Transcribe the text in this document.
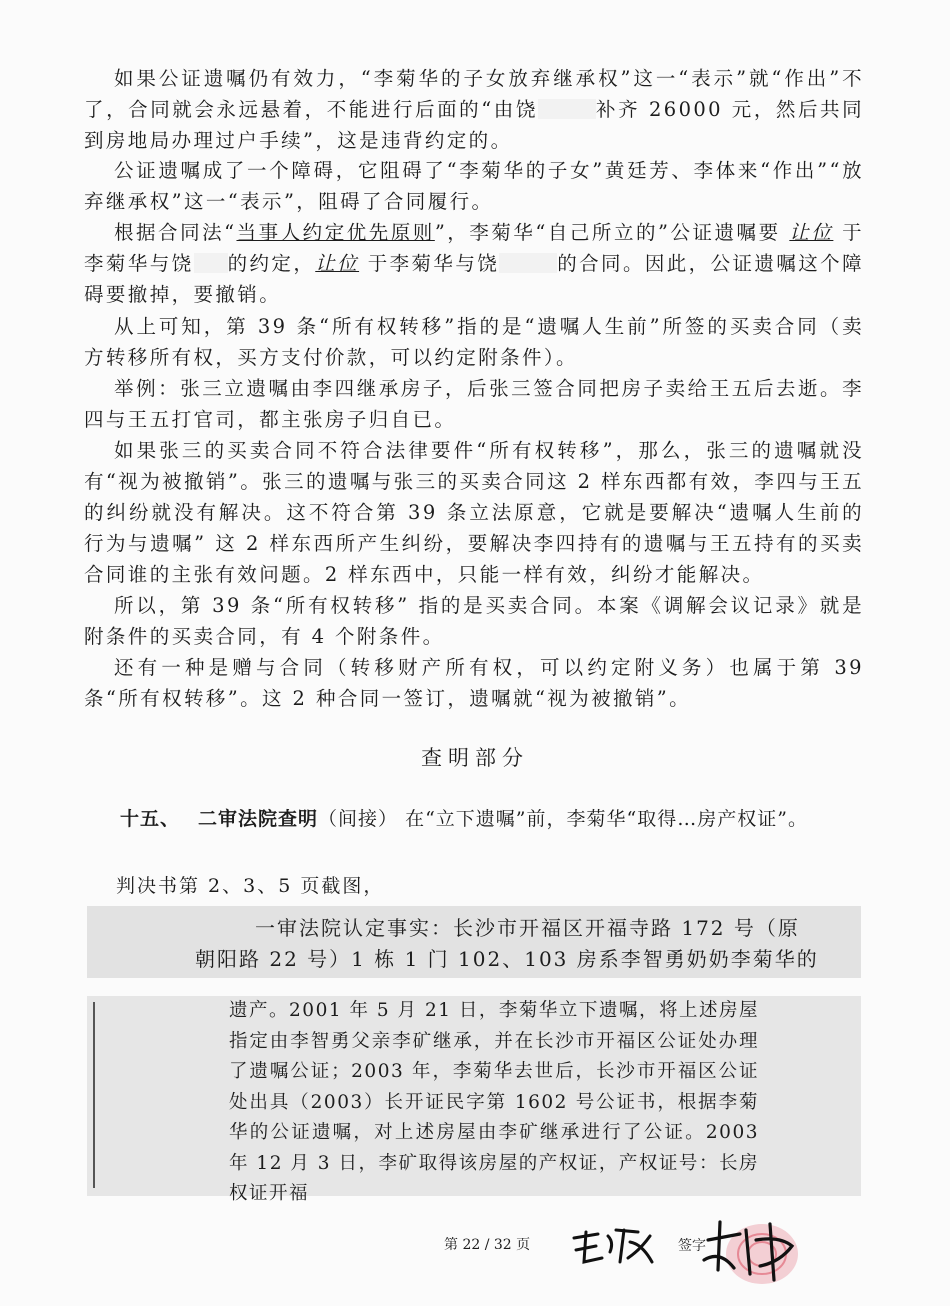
如果公证遗嘱仍有效力，“李菊华的子女放弃继承权”这一“表示”就“作出”不了，合同就会永远悬着，不能进行后面的“由饶	补齐 26000 元，然后共同到房地局办理过户手续”，这是违背约定的。

公证遗嘱成了一个障碍，它阻碍了“李菊华的子女”黄廷芳、李体来“作出”“放弃继承权”这一“表示”，阻碍了合同履行。

根据合同法“当事人约定优先原则”，李菊华“自己所立的”公证遗嘱要 让位 于李菊华与饶 的约定，让位 于李菊华与饶	的合同。因此，公证遗嘱这个障碍要撤掉，要撤销。

从上可知，第 39 条“所有权转移”指的是“遗嘱人生前”所签的买卖合同（卖方转移所有权，买方支付价款，可以约定附条件）。

举例：张三立遗嘱由李四继承房子，后张三签合同把房子卖给王五后去逝。李四与王五打官司，都主张房子归自已。

如果张三的买卖合同不符合法律要件“所有权转移”，那么，张三的遗嘱就没有“视为被撤销”。张三的遗嘱与张三的买卖合同这 2 样东西都有效，李四与王五的纠纷就没有解决。这不符合第 39 条立法原意，它就是要解决“遗嘱人生前的行为与遗嘱” 这 2 样东西所产生纠纷，要解决李四持有的遗嘱与王五持有的买卖合同谁的主张有效问题。2 样东西中，只能一样有效，纠纷才能解决。

所以，第 39 条“所有权转移” 指的是买卖合同。本案《调解会议记录》就是附条件的买卖合同，有 4 个附条件。

还有一种是赠与合同（转移财产所有权，可以约定附义务）也属于第 39 条“所有权转移”。这 2 种合同一签订，遗嘱就“视为被撤销”。

查明部分
十五、 二审法院查明（间接） 在“立下遗嘱”前，李菊华“取得…房产权证”。
判决书第 2、3、5 页截图，
一审法院认定事实：长沙市开福区开福寺路 172 号（原
朝阳路 22 号）1 栋 1 门 102、103 房系李智勇奶奶李菊华的

遗产。2001 年 5 月 21 日，李菊华立下遗嘱，将上述房屋指定由李智勇父亲李矿继承，并在长沙市开福区公证处办理了遗嘱公证；2003 年，李菊华去世后，长沙市开福区公证处出具（2003）长开证民字第 1602 号公证书，根据李菊华的公证遗嘱，对上述房屋由李矿继承进行了公证。2003 年 12 月 3 日，李矿取得该房屋的产权证，产权证号：长房权证开福

第 22 / 32 页	签字
